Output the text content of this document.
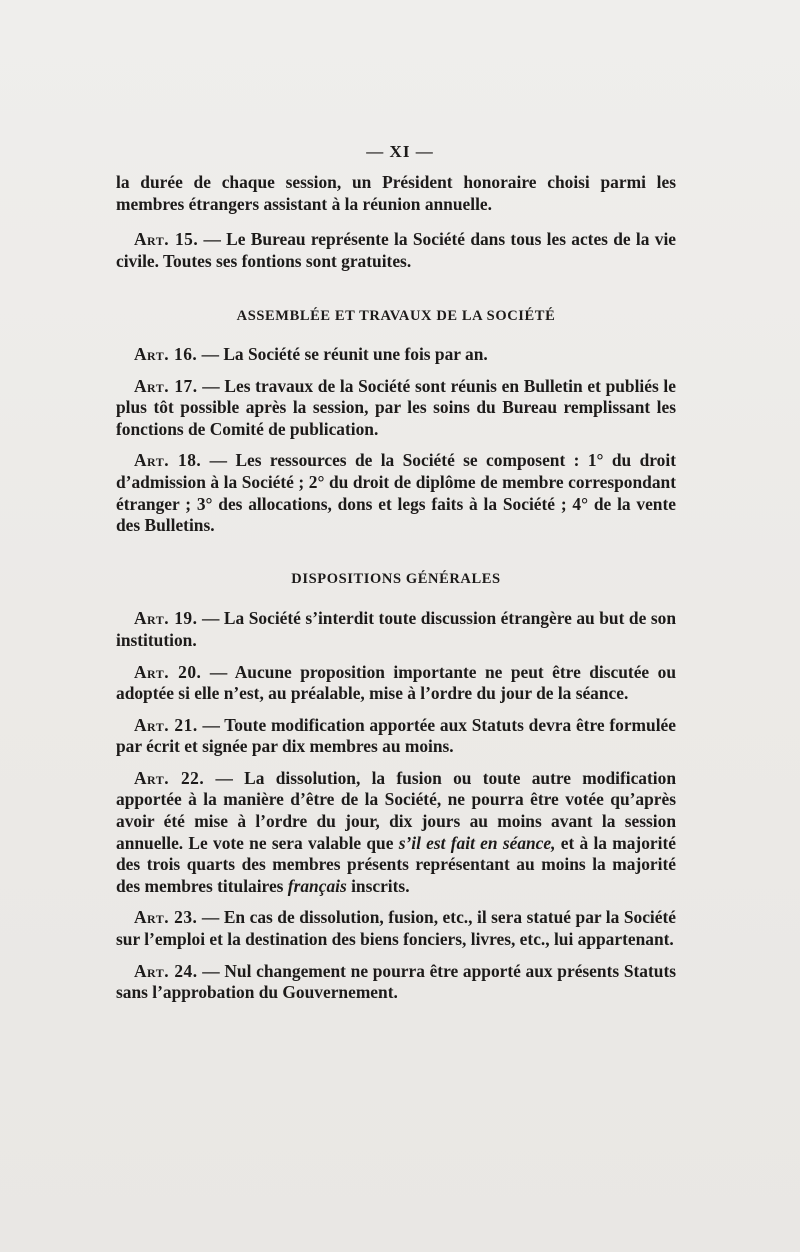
— XI —

la durée de chaque session, un Président honoraire choisi parmi les membres étrangers assistant à la réunion annuelle.

Art. 15. — Le Bureau représente la Société dans tous les actes de la vie civile. Toutes ses fontions sont gratuites.

ASSEMBLÉE ET TRAVAUX DE LA SOCIÉTÉ

Art. 16. — La Société se réunit une fois par an.

Art. 17. — Les travaux de la Société sont réunis en Bulletin et publiés le plus tôt possible après la session, par les soins du Bureau remplissant les fonctions de Comité de publication.

Art. 18. — Les ressources de la Société se composent : 1° du droit d’admission à la Société ; 2° du droit de diplôme de membre correspondant étranger ; 3° des allocations, dons et legs faits à la Société ; 4° de la vente des Bulletins.

DISPOSITIONS GÉNÉRALES

Art. 19. — La Société s’interdit toute discussion étrangère au but de son institution.

Art. 20. — Aucune proposition importante ne peut être discutée ou adoptée si elle n’est, au préalable, mise à l’ordre du jour de la séance.

Art. 21. — Toute modification apportée aux Statuts devra être formulée par écrit et signée par dix membres au moins.

Art. 22. — La dissolution, la fusion ou toute autre modification apportée à la manière d’être de la Société, ne pourra être votée qu’après avoir été mise à l’ordre du jour, dix jours au moins avant la session annuelle. Le vote ne sera valable que s’il est fait en séance, et à la majorité des trois quarts des membres présents représentant au moins la majorité des membres titulaires français inscrits.

Art. 23. — En cas de dissolution, fusion, etc., il sera statué par la Société sur l’emploi et la destination des biens fonciers, livres, etc., lui appartenant.

Art. 24. — Nul changement ne pourra être apporté aux présents Statuts sans l’approbation du Gouvernement.
